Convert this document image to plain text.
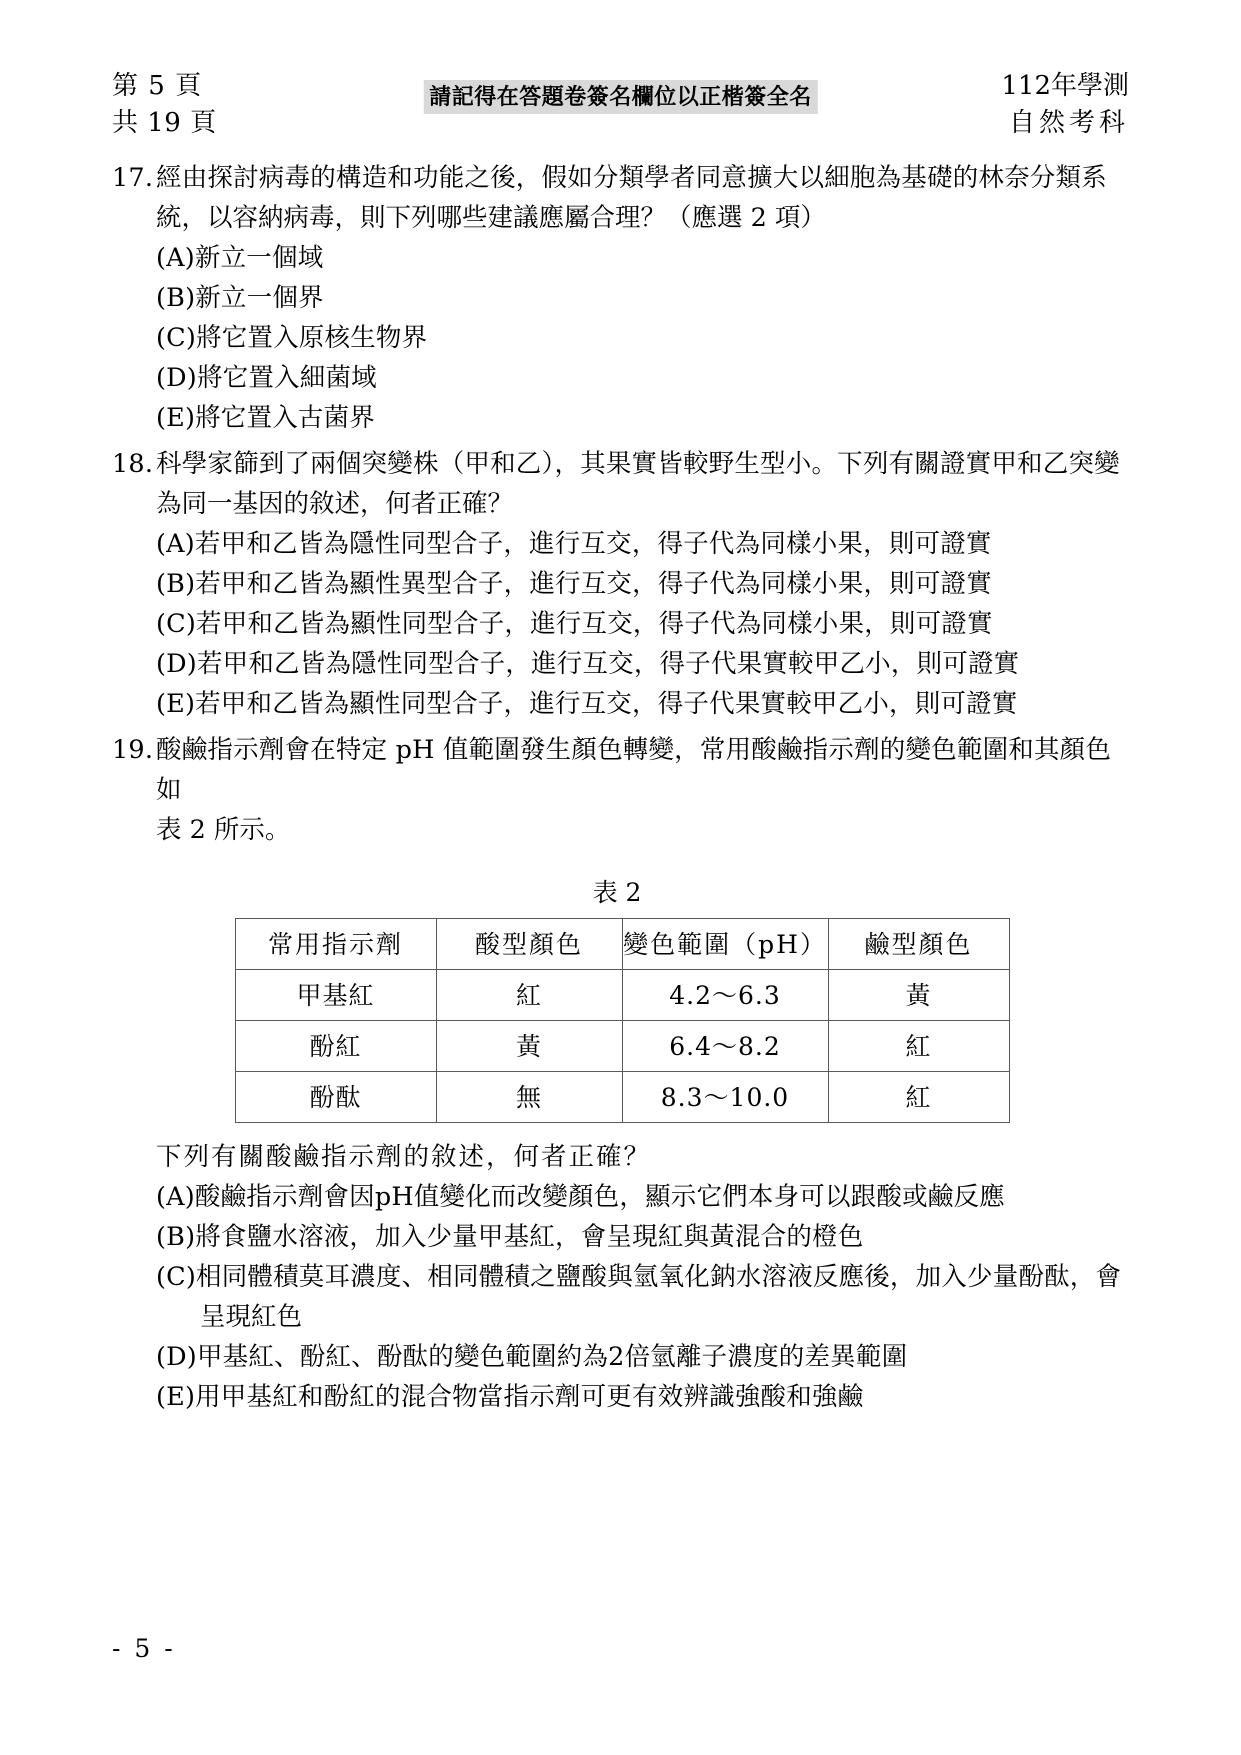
第 5 頁
共 19 頁
請記得在答題卷簽名欄位以正楷簽全名	112年學測
自然考科
17. 經由探討病毒的構造和功能之後，假如分類學者同意擴大以細胞為基礎的林奈分類系
統，以容納病毒，則下列哪些建議應屬合理？（應選 2 項）
(A)新立一個域
(B)新立一個界
(C)將它置入原核生物界
(D)將它置入細菌域
(E)將它置入古菌界
18. 科學家篩到了兩個突變株（甲和乙），其果實皆較野生型小。下列有關證實甲和乙突變
為同一基因的敘述，何者正確？
(A)若甲和乙皆為隱性同型合子，進行互交，得子代為同樣小果，則可證實
(B)若甲和乙皆為顯性異型合子，進行互交，得子代為同樣小果，則可證實
(C)若甲和乙皆為顯性同型合子，進行互交，得子代為同樣小果，則可證實
(D)若甲和乙皆為隱性同型合子，進行互交，得子代果實較甲乙小，則可證實
(E)若甲和乙皆為顯性同型合子，進行互交，得子代果實較甲乙小，則可證實
19. 酸鹼指示劑會在特定 pH 值範圍發生顏色轉變，常用酸鹼指示劑的變色範圍和其顏色如
表 2 所示。
表 2
常用指示劑	酸型顏色	變色範圍（pH）	鹼型顏色
甲基紅	紅	4.2～6.3	黃
酚紅	黃	6.4～8.2	紅
酚酞	無	8.3～10.0	紅
下列有關酸鹼指示劑的敘述，何者正確？
(A)酸鹼指示劑會因pH值變化而改變顏色，顯示它們本身可以跟酸或鹼反應
(B)將食鹽水溶液，加入少量甲基紅，會呈現紅與黃混合的橙色
(C)相同體積莫耳濃度、相同體積之鹽酸與氫氧化鈉水溶液反應後，加入少量酚酞，會
呈現紅色
(D)甲基紅、酚紅、酚酞的變色範圍約為2倍氫離子濃度的差異範圍
(E)用甲基紅和酚紅的混合物當指示劑可更有效辨識強酸和強鹼
- 5 -
